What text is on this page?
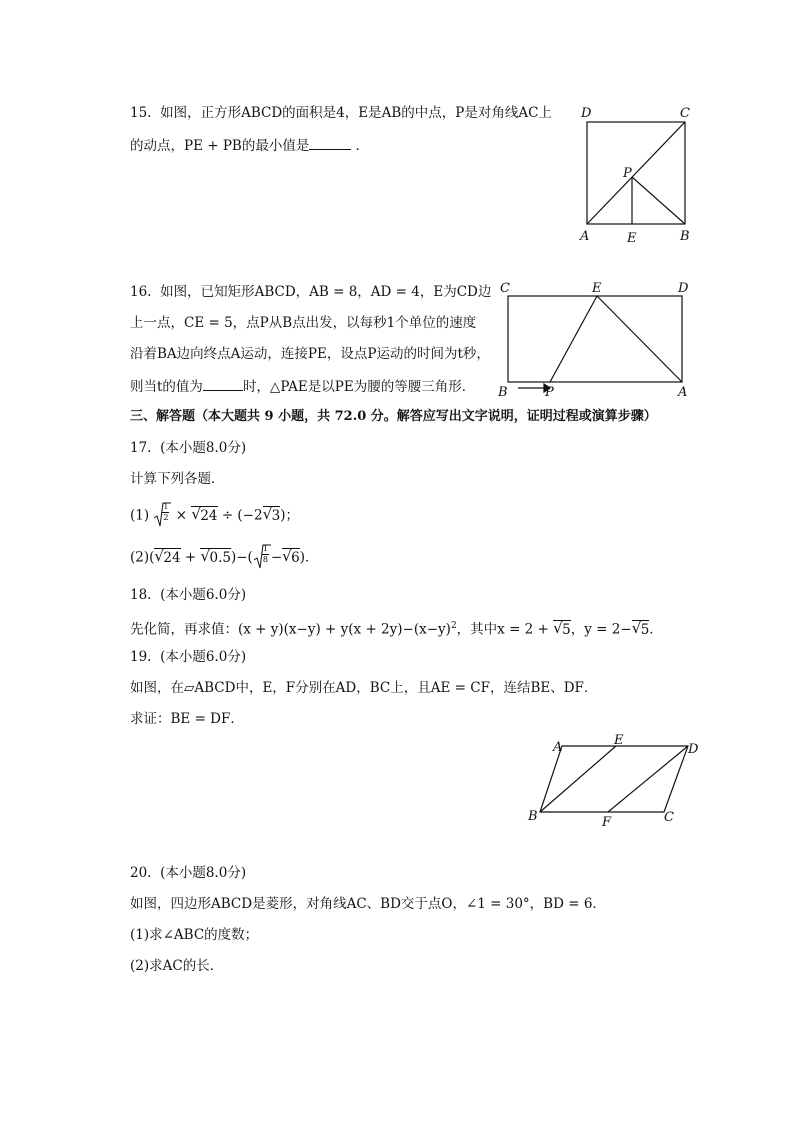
15. 如图，正方形ABCD的面积是4，E是AB的中点，P是对角线AC上
的动点，PE + PB的最小值是	．
D	C
P
A	E	B
16. 如图，已知矩形ABCD，AB = 8，AD = 4，E为CD边
上一点，CE = 5，点P从B点出发，以每秒1个单位的速度
沿着BA边向终点A运动，连接PE，设点P运动的时间为t秒，
则当t的值为	时，△PAE是以PE为腰的等腰三角形．
C	E	D
B	P	A
三、解答题（本大题共 9 小题，共 72.0 分。解答应写出文字说明，证明过程或演算步骤）
17. (本小题8.0分)
计算下列各题．
$(1) \frac{1}{2}$ × √ 24 ÷ (−2 √ 3)；
(2)( √ 24 + √ $0.5)-( \frac{1}{8}$ − √ 6)．
18. (本小题6.0分)
先化简，再求值：$(x + y)(x-y) + y(x + 2y)-(x-y)^2$，其中x = 2 + √ 5，y = 2− √ 5．
19. (本小题6.0分)
如图，在▱ABCD中，E，F分别在AD，BC上，且AE = CF，连结BE、DF．
求证：BE = DF．
A	E
D
B	F	C
20. (本小题8.0分)
如图，四边形ABCD是菱形，对角线AC、BD交于点O，∠1 = 30°，BD = 6．
(1)求∠ABC的度数；
(2)求AC的长．
